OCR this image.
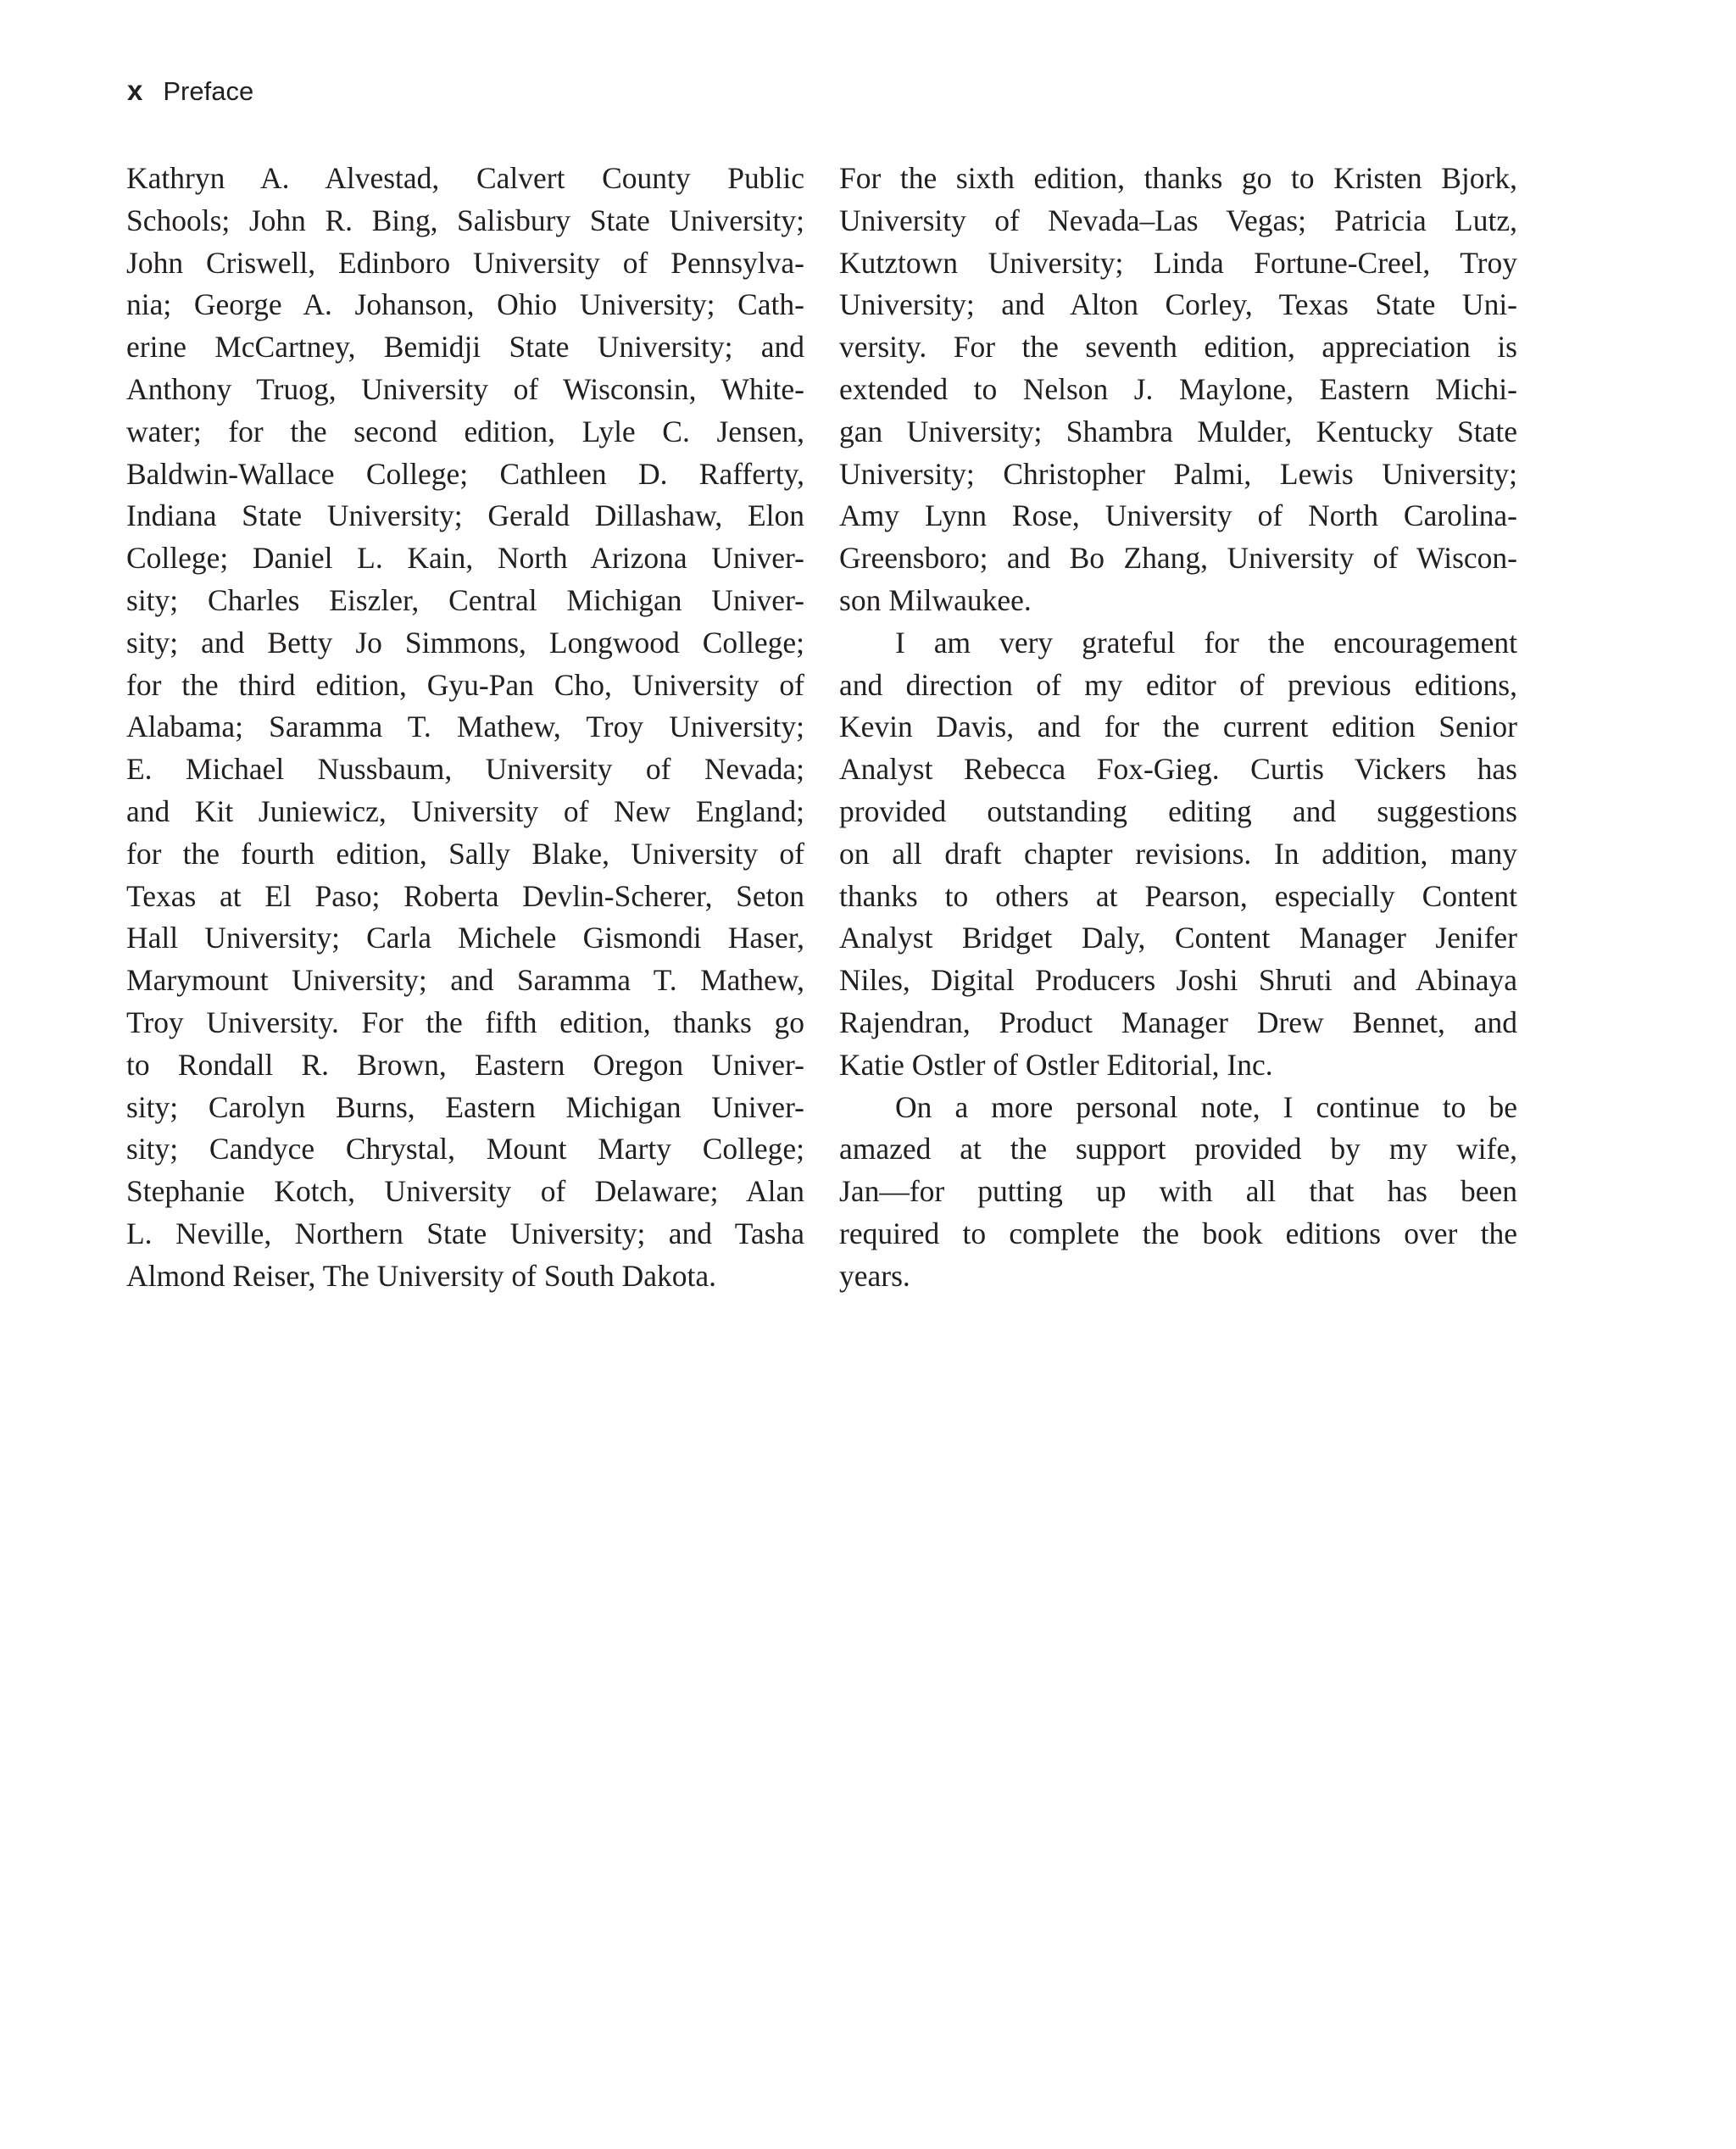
x Preface

Kathryn A. Alvestad, Calvert County Public
Schools; John R. Bing, Salisbury State University;
John Criswell, Edinboro University of Pennsylva-
nia; George A. Johanson, Ohio University; Cath-
erine McCartney, Bemidji State University; and
Anthony Truog, University of Wisconsin, White-
water; for the second edition, Lyle C. Jensen,
Baldwin-Wallace College; Cathleen D. Rafferty,
Indiana State University; Gerald Dillashaw, Elon
College; Daniel L. Kain, North Arizona Univer-
sity; Charles Eiszler, Central Michigan Univer-
sity; and Betty Jo Simmons, Longwood College;
for the third edition, Gyu-Pan Cho, University of
Alabama; Saramma T. Mathew, Troy University;
E. Michael Nussbaum, University of Nevada;
and Kit Juniewicz, University of New England;
for the fourth edition, Sally Blake, University of
Texas at El Paso; Roberta Devlin-Scherer, Seton
Hall University; Carla Michele Gismondi Haser,
Marymount University; and Saramma T. Mathew,
Troy University. For the fifth edition, thanks go
to Rondall R. Brown, Eastern Oregon Univer-
sity; Carolyn Burns, Eastern Michigan Univer-
sity; Candyce Chrystal, Mount Marty College;
Stephanie Kotch, University of Delaware; Alan
L. Neville, Northern State University; and Tasha
Almond Reiser, The University of South Dakota.

For the sixth edition, thanks go to Kristen Bjork,
University of Nevada–Las Vegas; Patricia Lutz,
Kutztown University; Linda Fortune-Creel, Troy
University; and Alton Corley, Texas State Uni-
versity. For the seventh edition, appreciation is
extended to Nelson J. Maylone, Eastern Michi-
gan University; Shambra Mulder, Kentucky State
University; Christopher Palmi, Lewis University;
Amy Lynn Rose, University of North Carolina-
Greensboro; and Bo Zhang, University of Wiscon-
son Milwaukee.

I am very grateful for the encouragement
and direction of my editor of previous editions,
Kevin Davis, and for the current edition Senior
Analyst Rebecca Fox-Gieg. Curtis Vickers has
provided outstanding editing and suggestions
on all draft chapter revisions. In addition, many
thanks to others at Pearson, especially Content
Analyst Bridget Daly, Content Manager Jenifer
Niles, Digital Producers Joshi Shruti and Abinaya
Rajendran, Product Manager Drew Bennet, and
Katie Ostler of Ostler Editorial, Inc.

On a more personal note, I continue to be
amazed at the support provided by my wife,
Jan—for putting up with all that has been
required to complete the book editions over the
years.
